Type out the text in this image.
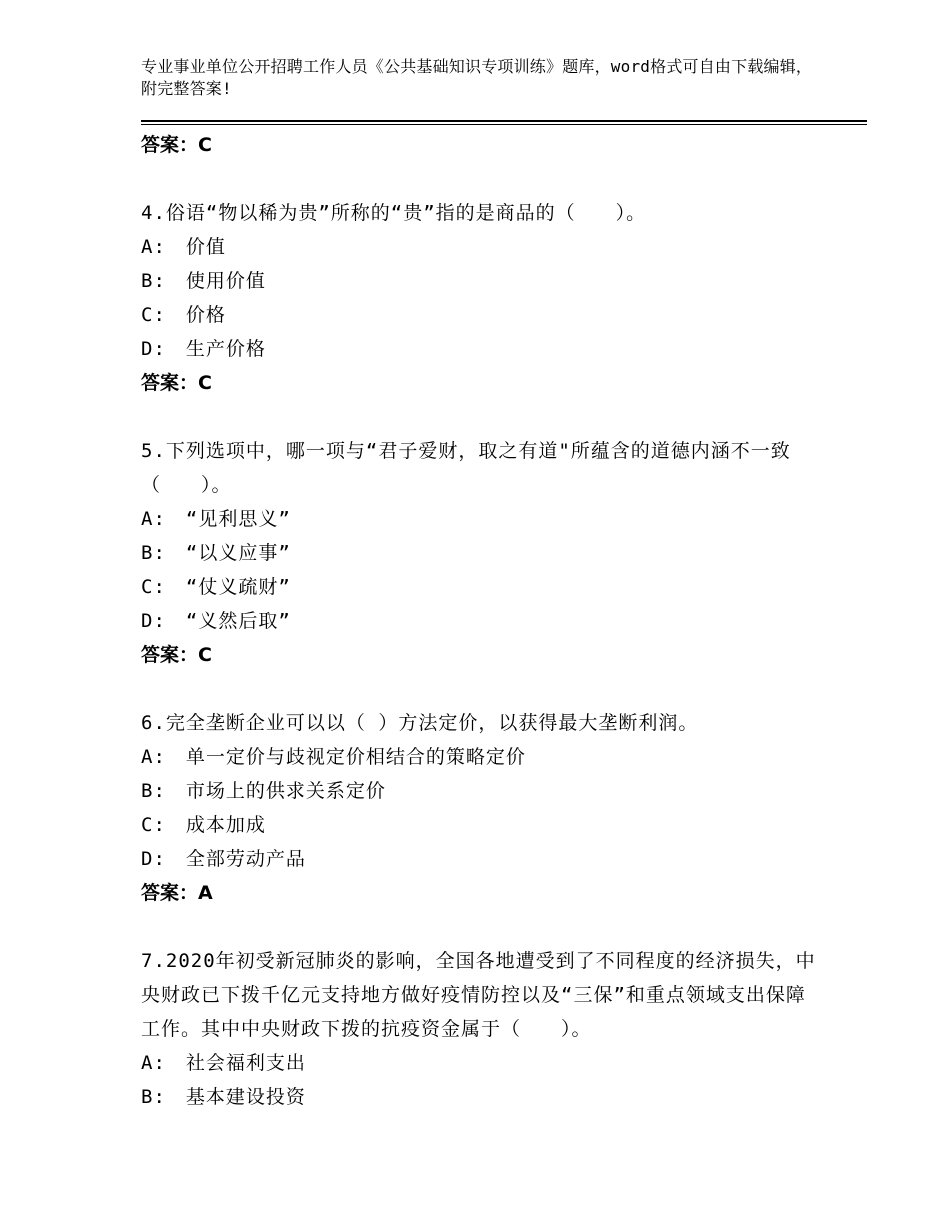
专业事业单位公开招聘工作人员《公共基础知识专项训练》题库，word格式可自由下载编辑，附完整答案!
答案：C
4.俗语“物以稀为贵”所称的“贵”指的是商品的（　　）。
A:　价值
B:　使用价值
C:　价格
D:　生产价格
答案：C
5.下列选项中，哪一项与“君子爱财，取之有道"所蕴含的道德内涵不一致（　　）。
A:　“见利思义”
B:　“以义应事”
C:　“仗义疏财”
D:　“义然后取”
答案：C
6.完全垄断企业可以以（ ）方法定价，以获得最大垄断利润。
A:　单一定价与歧视定价相结合的策略定价
B:　市场上的供求关系定价
C:　成本加成
D:　全部劳动产品
答案：A
7.2020年初受新冠肺炎的影响，全国各地遭受到了不同程度的经济损失，中央财政已下拨千亿元支持地方做好疫情防控以及“三保”和重点领域支出保障工作。其中中央财政下拨的抗疫资金属于（　　）。
A:　社会福利支出
B:　基本建设投资
